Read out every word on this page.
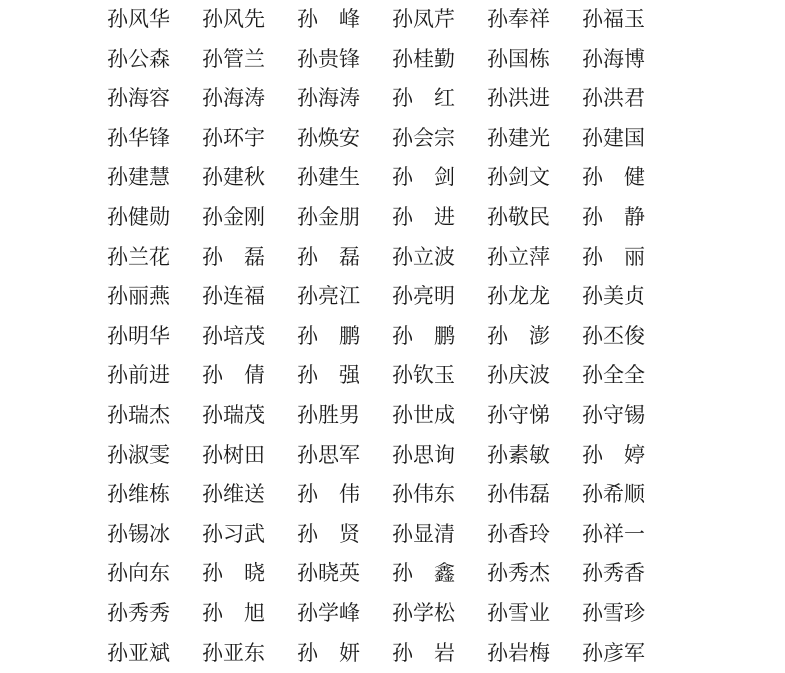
孙风华	孙风先	孙　峰	孙凤芹	孙奉祥	孙福玉
孙公森	孙管兰	孙贵锋	孙桂勤	孙国栋	孙海博
孙海容	孙海涛	孙海涛	孙　红	孙洪进	孙洪君
孙华锋	孙环宇	孙焕安	孙会宗	孙建光	孙建国
孙建慧	孙建秋	孙建生	孙　剑	孙剑文	孙　健
孙健勋	孙金刚	孙金朋	孙　进	孙敬民	孙　静
孙兰花	孙　磊	孙　磊	孙立波	孙立萍	孙　丽
孙丽燕	孙连福	孙亮江	孙亮明	孙龙龙	孙美贞
孙明华	孙培茂	孙　鹏	孙　鹏	孙　澎	孙丕俊
孙前进	孙　倩	孙　强	孙钦玉	孙庆波	孙全全
孙瑞杰	孙瑞茂	孙胜男	孙世成	孙守悌	孙守锡
孙淑雯	孙树田	孙思军	孙思询	孙素敏	孙　婷
孙维栋	孙维送	孙　伟	孙伟东	孙伟磊	孙希顺
孙锡冰	孙习武	孙　贤	孙显清	孙香玲	孙祥一
孙向东	孙　晓	孙晓英	孙　鑫	孙秀杰	孙秀香
孙秀秀	孙　旭	孙学峰	孙学松	孙雪业	孙雪珍
孙亚斌	孙亚东	孙　妍	孙　岩	孙岩梅	孙彦军
